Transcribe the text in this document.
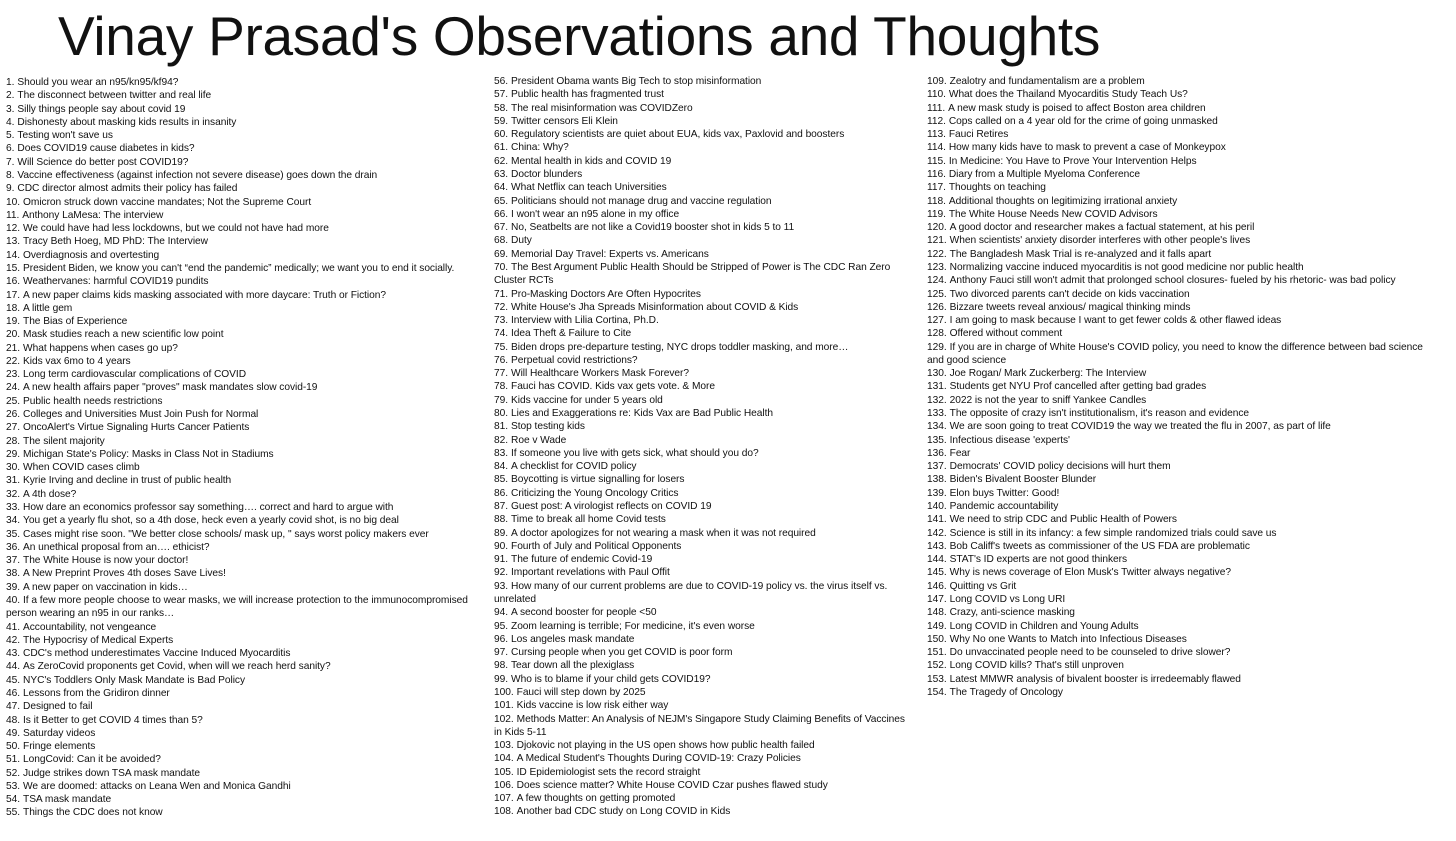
Vinay Prasad's Observations and Thoughts
1. Should you wear an n95/kn95/kf94?
2. The disconnect between twitter and real life
3. Silly things people say about covid 19
4. Dishonesty about masking kids results in insanity
5. Testing won't save us
6. Does COVID19 cause diabetes in kids?
7. Will Science do better post COVID19?
8. Vaccine effectiveness (against infection not severe disease) goes down the drain
9. CDC director almost admits their policy has failed
10. Omicron struck down vaccine mandates; Not the Supreme Court
11. Anthony LaMesa: The interview
12. We could have had less lockdowns, but we could not have had more
13. Tracy Beth Hoeg, MD PhD: The Interview
14. Overdiagnosis and overtesting
15. President Biden, we know you can't “end the pandemic” medically; we want you to end it socially.
16. Weathervanes: harmful COVID19 pundits
17. A new paper claims kids masking associated with more daycare: Truth or Fiction?
18. A little gem
19. The Bias of Experience
20. Mask studies reach a new scientific low point
21. What happens when cases go up?
22. Kids vax 6mo to 4 years
23. Long term cardiovascular complications of COVID
24. A new health affairs paper "proves" mask mandates slow covid-19
25. Public health needs restrictions
26. Colleges and Universities Must Join Push for Normal
27. OncoAlert's Virtue Signaling Hurts Cancer Patients
28. The silent majority
29. Michigan State's Policy: Masks in Class Not in Stadiums
30. When COVID cases climb
31. Kyrie Irving and decline in trust of public health
32. A 4th dose?
33. How dare an economics professor say something…. correct and hard to argue with
34. You get a yearly flu shot, so a 4th dose, heck even a yearly covid shot, is no big deal
35. Cases might rise soon. "We better close schools/ mask up, " says worst policy makers ever
36. An unethical proposal from an…. ethicist?
37. The White House is now your doctor!
38. A New Preprint Proves 4th doses Save Lives!
39. A new paper on vaccination in kids…
40. If a few more people choose to wear masks, we will increase protection to the immunocompromised person wearing an n95 in our ranks…
41. Accountability, not vengeance
42. The Hypocrisy of Medical Experts
43. CDC's method underestimates Vaccine Induced Myocarditis
44. As ZeroCovid proponents get Covid, when will we reach herd sanity?
45. NYC's Toddlers Only Mask Mandate is Bad Policy
46. Lessons from the Gridiron dinner
47. Designed to fail
48. Is it Better to get COVID 4 times than 5?
49. Saturday videos
50. Fringe elements
51. LongCovid: Can it be avoided?
52. Judge strikes down TSA mask mandate
53. We are doomed: attacks on Leana Wen and Monica Gandhi
54. TSA mask mandate
55. Things the CDC does not know
56. President Obama wants Big Tech to stop misinformation
57. Public health has fragmented trust
58. The real misinformation was COVIDZero
59. Twitter censors Eli Klein
60. Regulatory scientists are quiet about EUA, kids vax, Paxlovid and boosters
61. China: Why?
62. Mental health in kids and COVID 19
63. Doctor blunders
64. What Netflix can teach Universities
65. Politicians should not manage drug and vaccine regulation
66. I won't wear an n95 alone in my office
67. No, Seatbelts are not like a Covid19 booster shot in kids 5 to 11
68. Duty
69. Memorial Day Travel: Experts vs. Americans
70. The Best Argument Public Health Should be Stripped of Power is The CDC Ran Zero Cluster RCTs
71. Pro-Masking Doctors Are Often Hypocrites
72. White House's Jha Spreads Misinformation about COVID & Kids
73. Interview with Lilia Cortina, Ph.D.
74. Idea Theft & Failure to Cite
75. Biden drops pre-departure testing, NYC drops toddler masking, and more…
76. Perpetual covid restrictions?
77. Will Healthcare Workers Mask Forever?
78. Fauci has COVID. Kids vax gets vote. & More
79. Kids vaccine for under 5 years old
80. Lies and Exaggerations re: Kids Vax are Bad Public Health
81. Stop testing kids
82. Roe v Wade
83. If someone you live with gets sick, what should you do?
84. A checklist for COVID policy
85. Boycotting is virtue signalling for losers
86. Criticizing the Young Oncology Critics
87. Guest post: A virologist reflects on COVID 19
88. Time to break all home Covid tests
89. A doctor apologizes for not wearing a mask when it was not required
90. Fourth of July and Political Opponents
91. The future of endemic Covid-19
92. Important revelations with Paul Offit
93. How many of our current problems are due to COVID-19 policy vs. the virus itself vs. unrelated
94. A second booster for people <50
95. Zoom learning is terrible; For medicine, it's even worse
96. Los angeles mask mandate
97. Cursing people when you get COVID is poor form
98. Tear down all the plexiglass
99. Who is to blame if your child gets COVID19?
100. Fauci will step down by 2025
101. Kids vaccine is low risk either way
102. Methods Matter: An Analysis of NEJM's Singapore Study Claiming Benefits of Vaccines in Kids 5-11
103. Djokovic not playing in the US open shows how public health failed
104. A Medical Student's Thoughts During COVID-19: Crazy Policies
105. ID Epidemiologist sets the record straight
106. Does science matter? White House COVID Czar pushes flawed study
107. A few thoughts on getting promoted
108. Another bad CDC study on Long COVID in Kids
109. Zealotry and fundamentalism are a problem
110. What does the Thailand Myocarditis Study Teach Us?
111. A new mask study is poised to affect Boston area children
112. Cops called on a 4 year old for the crime of going unmasked
113. Fauci Retires
114. How many kids have to mask to prevent a case of Monkeypox
115. In Medicine: You Have to Prove Your Intervention Helps
116. Diary from a Multiple Myeloma Conference
117. Thoughts on teaching
118. Additional thoughts on legitimizing irrational anxiety
119. The White House Needs New COVID Advisors
120. A good doctor and researcher makes a factual statement, at his peril
121. When scientists' anxiety disorder interferes with other people's lives
122. The Bangladesh Mask Trial is re-analyzed and it falls apart
123. Normalizing vaccine induced myocarditis is not good medicine nor public health
124. Anthony Fauci still won't admit that prolonged school closures- fueled by his rhetoric- was bad policy
125. Two divorced parents can't decide on kids vaccination
126. Bizzare tweets reveal anxious/ magical thinking minds
127. I am going to mask because I want to get fewer colds & other flawed ideas
128. Offered without comment
129. If you are in charge of White House's COVID policy, you need to know the difference between bad science and good science
130. Joe Rogan/ Mark Zuckerberg: The Interview
131. Students get NYU Prof cancelled after getting bad grades
132. 2022 is not the year to sniff Yankee Candles
133. The opposite of crazy isn't institutionalism, it's reason and evidence
134. We are soon going to treat COVID19 the way we treated the flu in 2007, as part of life
135. Infectious disease 'experts'
136. Fear
137. Democrats' COVID policy decisions will hurt them
138. Biden's Bivalent Booster Blunder
139. Elon buys Twitter: Good!
140. Pandemic accountability
141. We need to strip CDC and Public Health of Powers
142. Science is still in its infancy: a few simple randomized trials could save us
143. Bob Califf's tweets as commissioner of the US FDA are problematic
144. STAT's ID experts are not good thinkers
145. Why is news coverage of Elon Musk's Twitter always negative?
146. Quitting vs Grit
147. Long COVID vs Long URI
148. Crazy, anti-science masking
149. Long COVID in Children and Young Adults
150. Why No one Wants to Match into Infectious Diseases
151. Do unvaccinated people need to be counseled to drive slower?
152. Long COVID kills? That's still unproven
153. Latest MMWR analysis of bivalent booster is irredeemably flawed
154. The Tragedy of Oncology
